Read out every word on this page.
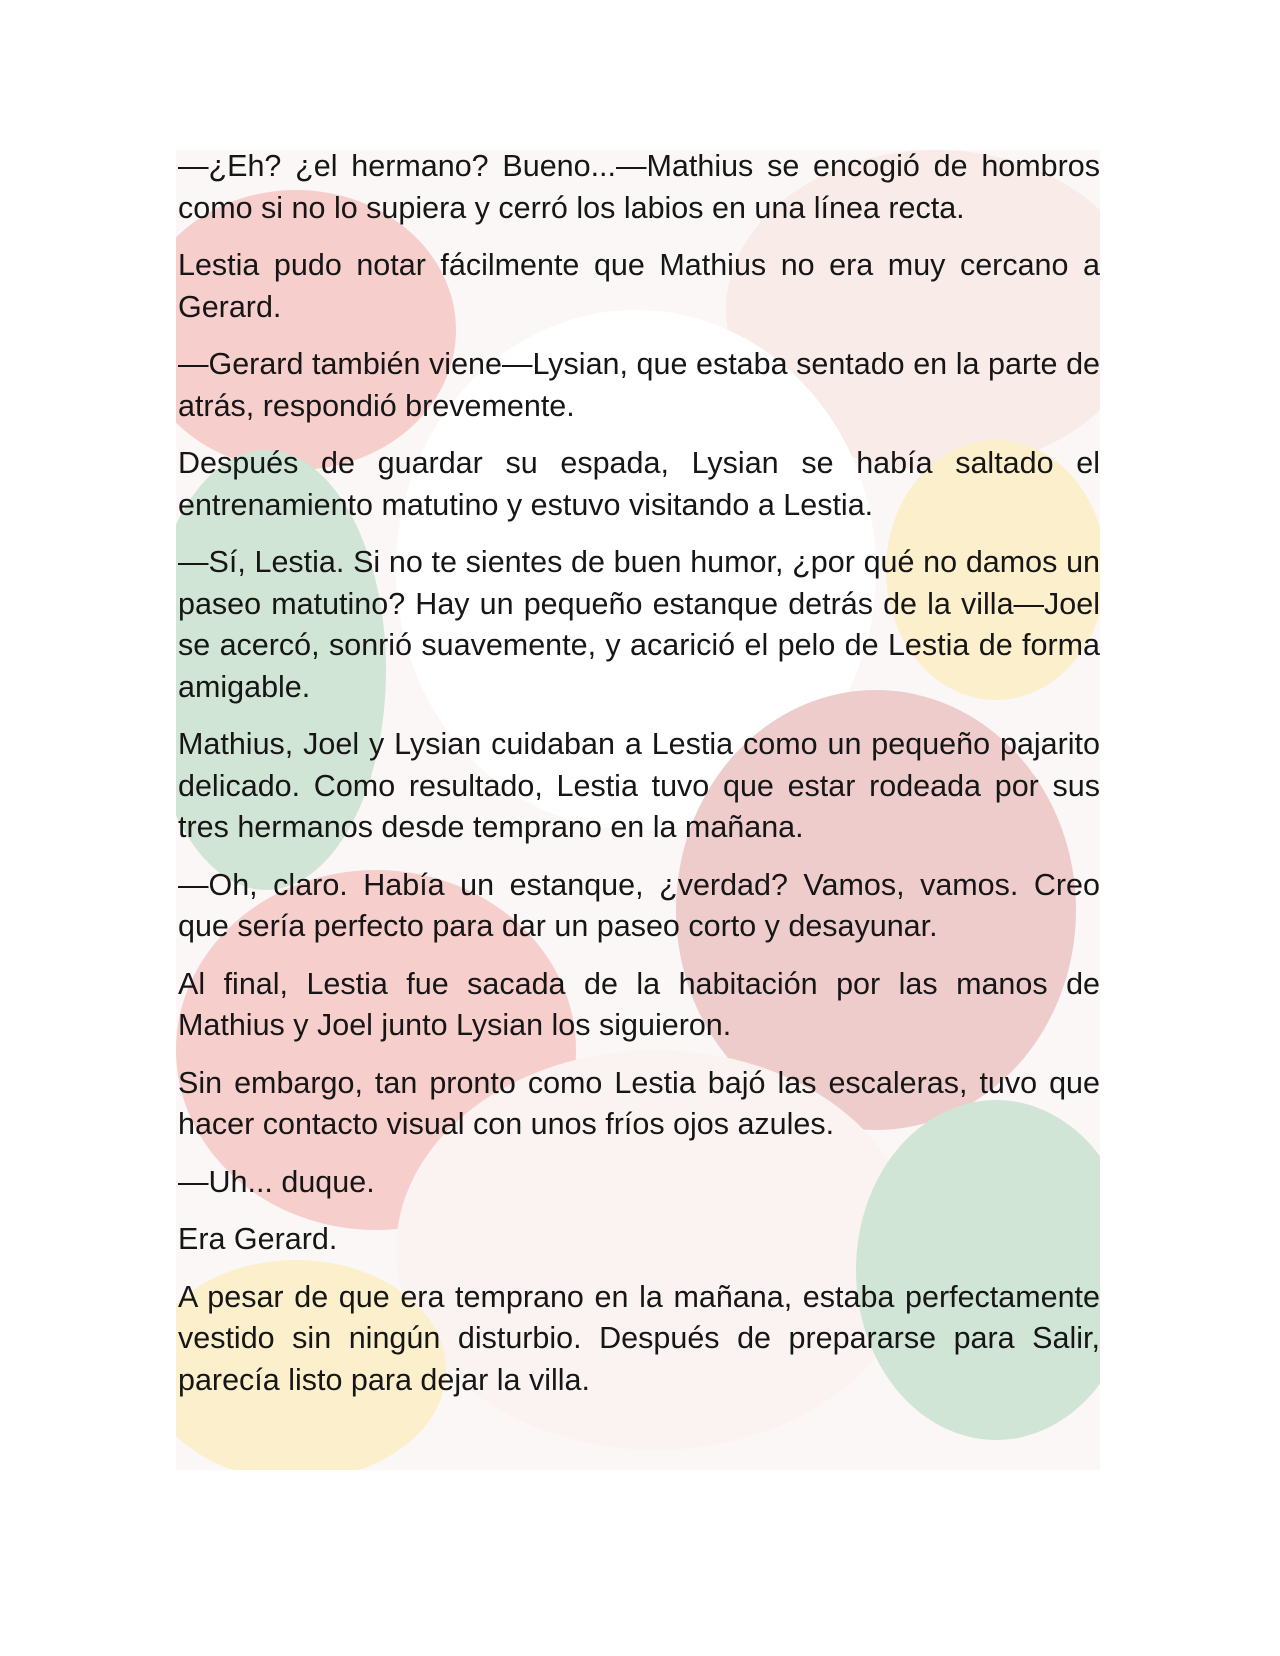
—¿Eh? ¿el hermano? Bueno...—Mathius se encogió de hombros como si no lo supiera y cerró los labios en una línea recta.

Lestia pudo notar fácilmente que Mathius no era muy cercano a Gerard.

—Gerard también viene—Lysian, que estaba sentado en la parte de atrás, respondió brevemente.

Después de guardar su espada, Lysian se había saltado el entrenamiento matutino y estuvo visitando a Lestia.

—Sí, Lestia. Si no te sientes de buen humor, ¿por qué no damos un paseo matutino? Hay un pequeño estanque detrás de la villa—Joel se acercó, sonrió suavemente, y acarició el pelo de Lestia de forma amigable.

Mathius, Joel y Lysian cuidaban a Lestia como un pequeño pajarito delicado. Como resultado, Lestia tuvo que estar rodeada por sus tres hermanos desde temprano en la mañana.

—Oh, claro. Había un estanque, ¿verdad? Vamos, vamos. Creo que sería perfecto para dar un paseo corto y desayunar.

Al final, Lestia fue sacada de la habitación por las manos de Mathius y Joel junto Lysian los siguieron.

Sin embargo, tan pronto como Lestia bajó las escaleras, tuvo que hacer contacto visual con unos fríos ojos azules.

—Uh... duque.

Era Gerard.

A pesar de que era temprano en la mañana, estaba perfectamente vestido sin ningún disturbio. Después de prepararse para Salir, parecía listo para dejar la villa.
